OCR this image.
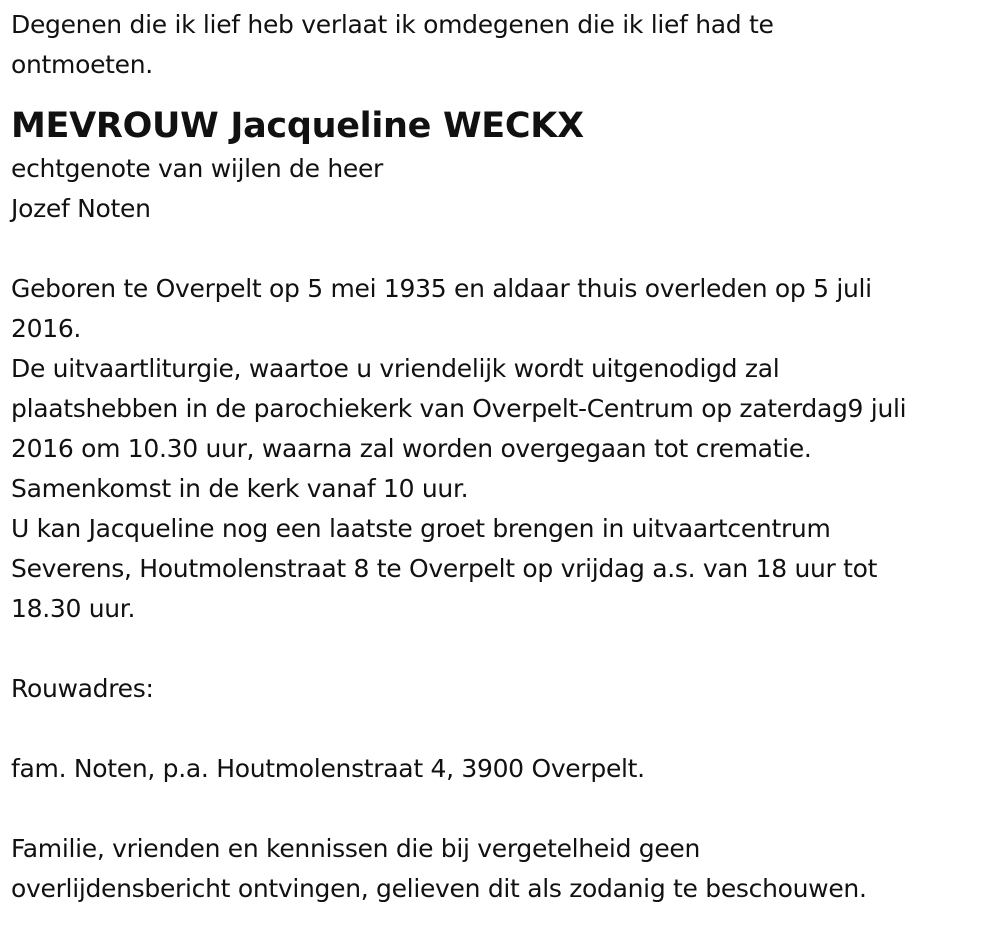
Degenen die ik lief heb verlaat ik omdegenen die ik lief had te
ontmoeten.
MEVROUW Jacqueline WECKX
echtgenote van wijlen de heer
Jozef Noten
Geboren te Overpelt op 5 mei 1935 en aldaar thuis overleden op 5 juli
2016.
De uitvaartliturgie, waartoe u vriendelijk wordt uitgenodigd zal
plaatshebben in de parochiekerk van Overpelt-Centrum op zaterdag9 juli
2016 om 10.30 uur, waarna zal worden overgegaan tot crematie.
Samenkomst in de kerk vanaf 10 uur.
U kan Jacqueline nog een laatste groet brengen in uitvaartcentrum
Severens, Houtmolenstraat 8 te Overpelt op vrijdag a.s. van 18 uur tot
18.30 uur.
Rouwadres:
fam. Noten, p.a. Houtmolenstraat 4, 3900 Overpelt.
Familie, vrienden en kennissen die bij vergetelheid geen
overlijdensbericht ontvingen, gelieven dit als zodanig te beschouwen.
